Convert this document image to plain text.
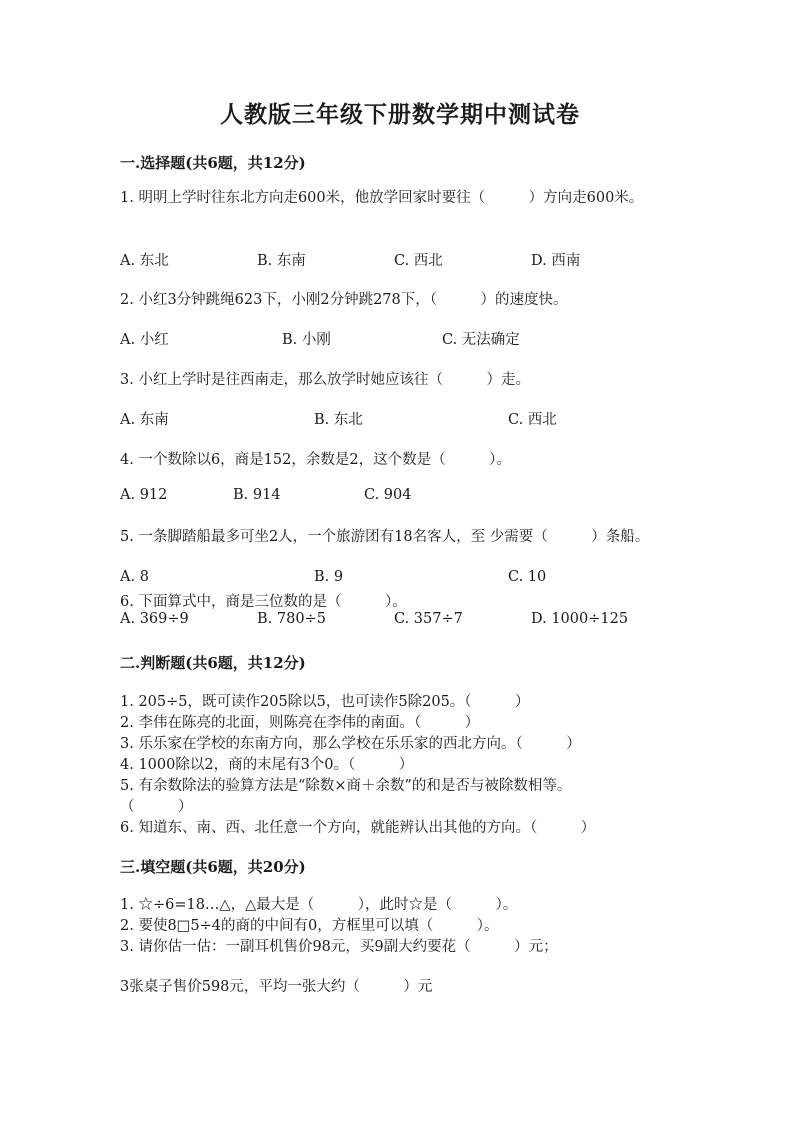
人教版三年级下册数学期中测试卷
一.选择题(共6题，共12分)
1. 明明上学时往东北方向走600米，他放学回家时要往（　　　）方向走600米。
A. 东北	B. 东南	C. 西北	D. 西南
2. 小红3分钟跳绳623下，小刚2分钟跳278下，（　　　）的速度快。
A. 小红	B. 小刚	C. 无法确定
3. 小红上学时是往西南走，那么放学时她应该往（　　　）走。
A. 东南	B. 东北	C. 西北
4. 一个数除以6，商是152，余数是2，这个数是（　　　）。
A. 912	B. 914	C. 904
5. 一条脚踏船最多可坐2人，一个旅游团有18名客人，至 少需要（　　　）条船。
A. 8	B. 9	C. 10
6. 下面算式中，商是三位数的是（　　　）。
A. 369÷9	B. 780÷5	C. 357÷7	D. 1000÷125
二.判断题(共6题，共12分)
1. 205÷5，既可读作205除以5，也可读作5除205。（　　　）
2. 李伟在陈亮的北面，则陈亮在李伟的南面。（　　　）
3. 乐乐家在学校的东南方向，那么学校在乐乐家的西北方向。（　　　）
4. 1000除以2，商的末尾有3个0。（　　　）
5. 有余数除法的验算方法是“除数×商＋余数”的和是否与被除数相等。
（　　　）
6. 知道东、南、西、北任意一个方向，就能辨认出其他的方向。（　　　）
三.填空题(共6题，共20分)
1. ☆÷6=18…△，△最大是（　　　），此时☆是（　　　）。
2. 要使8□5÷4的商的中间有0，方框里可以填（　　　）。
3. 请你估一估：一副耳机售价98元，买9副大约要花（　　　）元；
3张桌子售价598元，平均一张大约（　　　）元
